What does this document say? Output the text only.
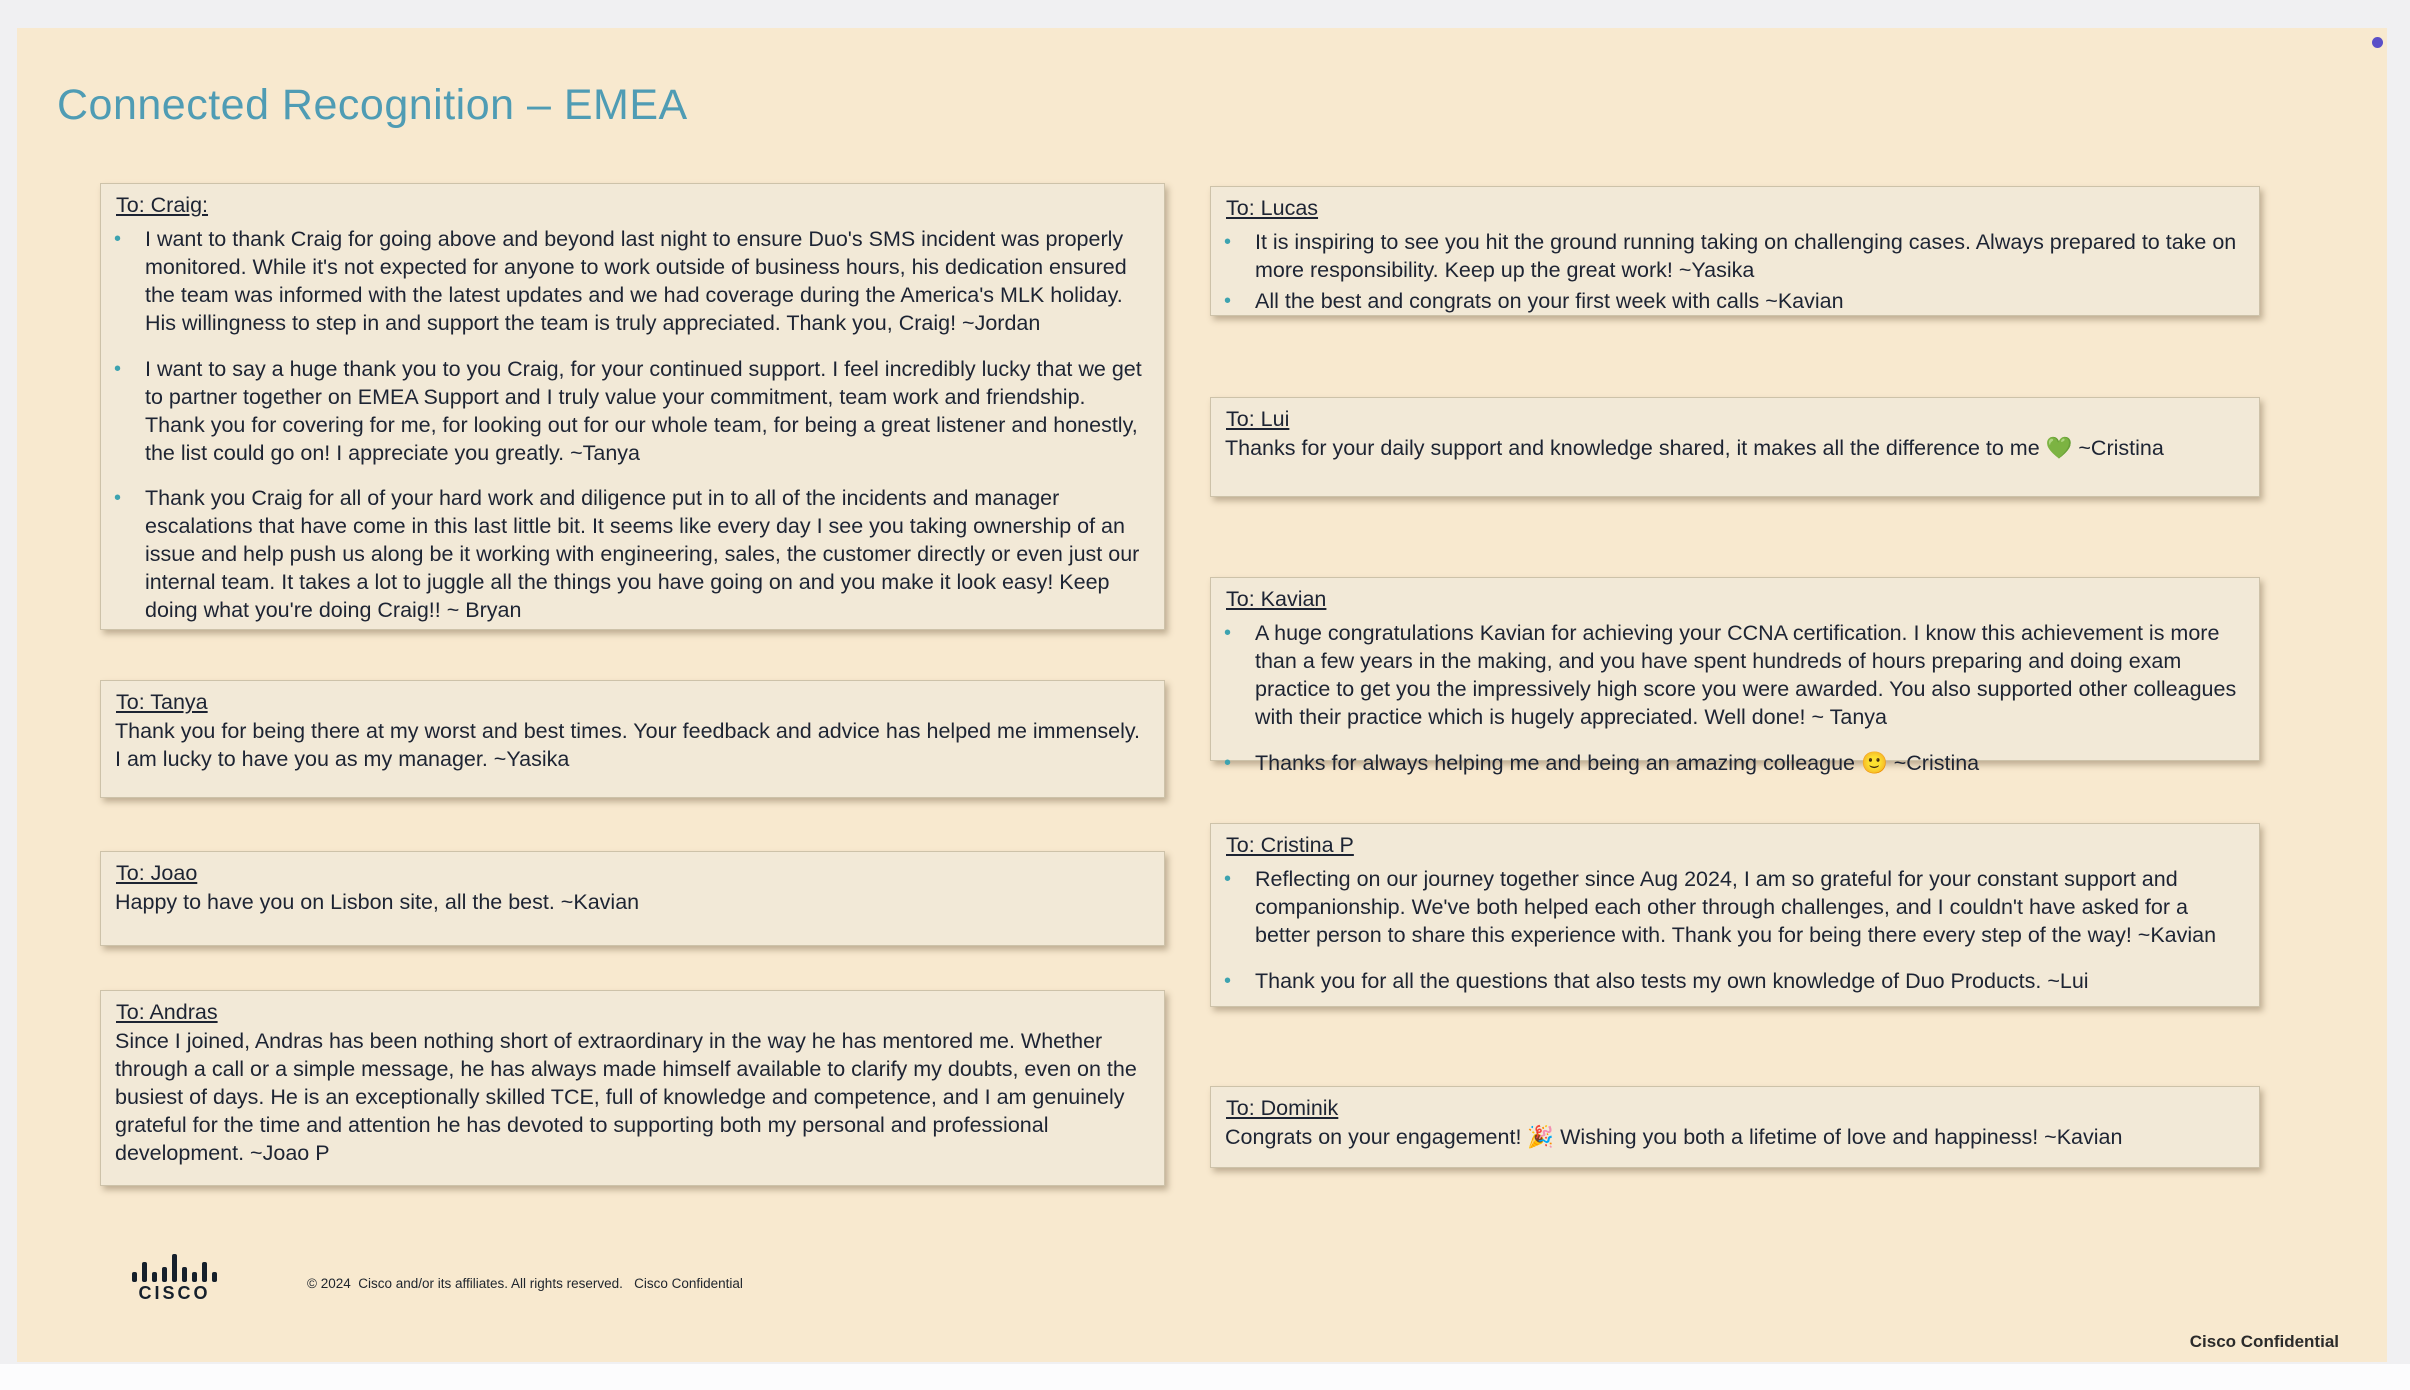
Connected Recognition – EMEA
To: Craig:
• I want to thank Craig for going above and beyond last night to ensure Duo's SMS incident was properly monitored. While it's not expected for anyone to work outside of business hours, his dedication ensured the team was informed with the latest updates and we had coverage during the America's MLK holiday. His willingness to step in and support the team is truly appreciated. Thank you, Craig! ~Jordan
• I want to say a huge thank you to you Craig, for your continued support. I feel incredibly lucky that we get to partner together on EMEA Support and I truly value your commitment, team work and friendship. Thank you for covering for me, for looking out for our whole team, for being a great listener and honestly, the list could go on! I appreciate you greatly. ~Tanya
• Thank you Craig for all of your hard work and diligence put in to all of the incidents and manager escalations that have come in this last little bit. It seems like every day I see you taking ownership of an issue and help push us along be it working with engineering, sales, the customer directly or even just our internal team. It takes a lot to juggle all the things you have going on and you make it look easy! Keep doing what you're doing Craig!! ~ Bryan
To: Tanya
Thank you for being there at my worst and best times. Your feedback and advice has helped me immensely. I am lucky to have you as my manager. ~Yasika
To: Joao
Happy to have you on Lisbon site, all the best. ~Kavian
To: Andras
Since I joined, Andras has been nothing short of extraordinary in the way he has mentored me. Whether through a call or a simple message, he has always made himself available to clarify my doubts, even on the busiest of days. He is an exceptionally skilled TCE, full of knowledge and competence, and I am genuinely grateful for the time and attention he has devoted to supporting both my personal and professional development. ~Joao P
To: Lucas
• It is inspiring to see you hit the ground running taking on challenging cases. Always prepared to take on more responsibility. Keep up the great work! ~Yasika
• All the best and congrats on your first week with calls ~Kavian
To: Lui
Thanks for your daily support and knowledge shared, it makes all the difference to me 💚 ~Cristina
To: Kavian
• A huge congratulations Kavian for achieving your CCNA certification. I know this achievement is more than a few years in the making, and you have spent hundreds of hours preparing and doing exam practice to get you the impressively high score you were awarded. You also supported other colleagues with their practice which is hugely appreciated. Well done! ~ Tanya
• Thanks for always helping me and being an amazing colleague 🙂 ~Cristina
To: Cristina P
• Reflecting on our journey together since Aug 2024, I am so grateful for your constant support and companionship. We've both helped each other through challenges, and I couldn't have asked for a better person to share this experience with. Thank you for being there every step of the way! ~Kavian
• Thank you for all the questions that also tests my own knowledge of Duo Products. ~Lui
To: Dominik
Congrats on your engagement! 🎉 Wishing you both a lifetime of love and happiness! ~Kavian
CISCO	© 2024  Cisco and/or its affiliates. All rights reserved.   Cisco Confidential
Cisco Confidential
